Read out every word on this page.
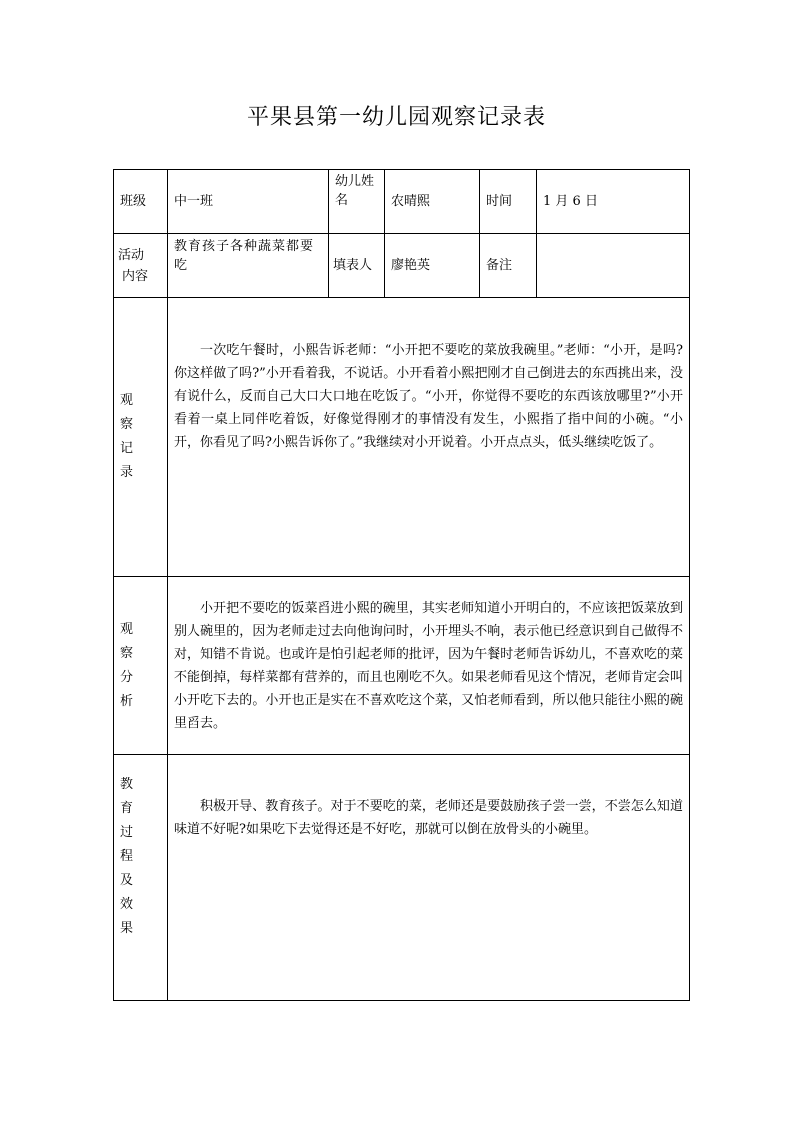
平果县第一幼儿园观察记录表
班级	中一班	幼儿姓名	农晴熙	时间	1 月 6 日

活动
内容	教育孩子各种蔬菜都要吃	填表人	廖艳英	备注	

观察记录	一次吃午餐时，小熙告诉老师：“小开把不要吃的菜放我碗里。”老师：“小开，是吗?你这样做了吗?”小开看着我，不说话。小开看着小熙把刚才自己倒进去的东西挑出来，没有说什么，反而自己大口大口地在吃饭了。“小开，你觉得不要吃的东西该放哪里?”小开看着一桌上同伴吃着饭，好像觉得刚才的事情没有发生，小熙指了指中间的小碗。“小开，你看见了吗?小熙告诉你了。”我继续对小开说着。小开点点头，低头继续吃饭了。				

观察分析	小开把不要吃的饭菜舀进小熙的碗里，其实老师知道小开明白的，不应该把饭菜放到别人碗里的，因为老师走过去向他询问时，小开埋头不响，表示他已经意识到自己做得不对，知错不肯说。也或许是怕引起老师的批评，因为午餐时老师告诉幼儿，不喜欢吃的菜不能倒掉，每样菜都有营养的，而且也刚吃不久。如果老师看见这个情况，老师肯定会叫小开吃下去的。小开也正是实在不喜欢吃这个菜，又怕老师看到，所以他只能往小熙的碗里舀去。				

教育过程及效果	积极开导、教育孩子。对于不要吃的菜，老师还是要鼓励孩子尝一尝，不尝怎么知道味道不好呢?如果吃下去觉得还是不好吃，那就可以倒在放骨头的小碗里。				
